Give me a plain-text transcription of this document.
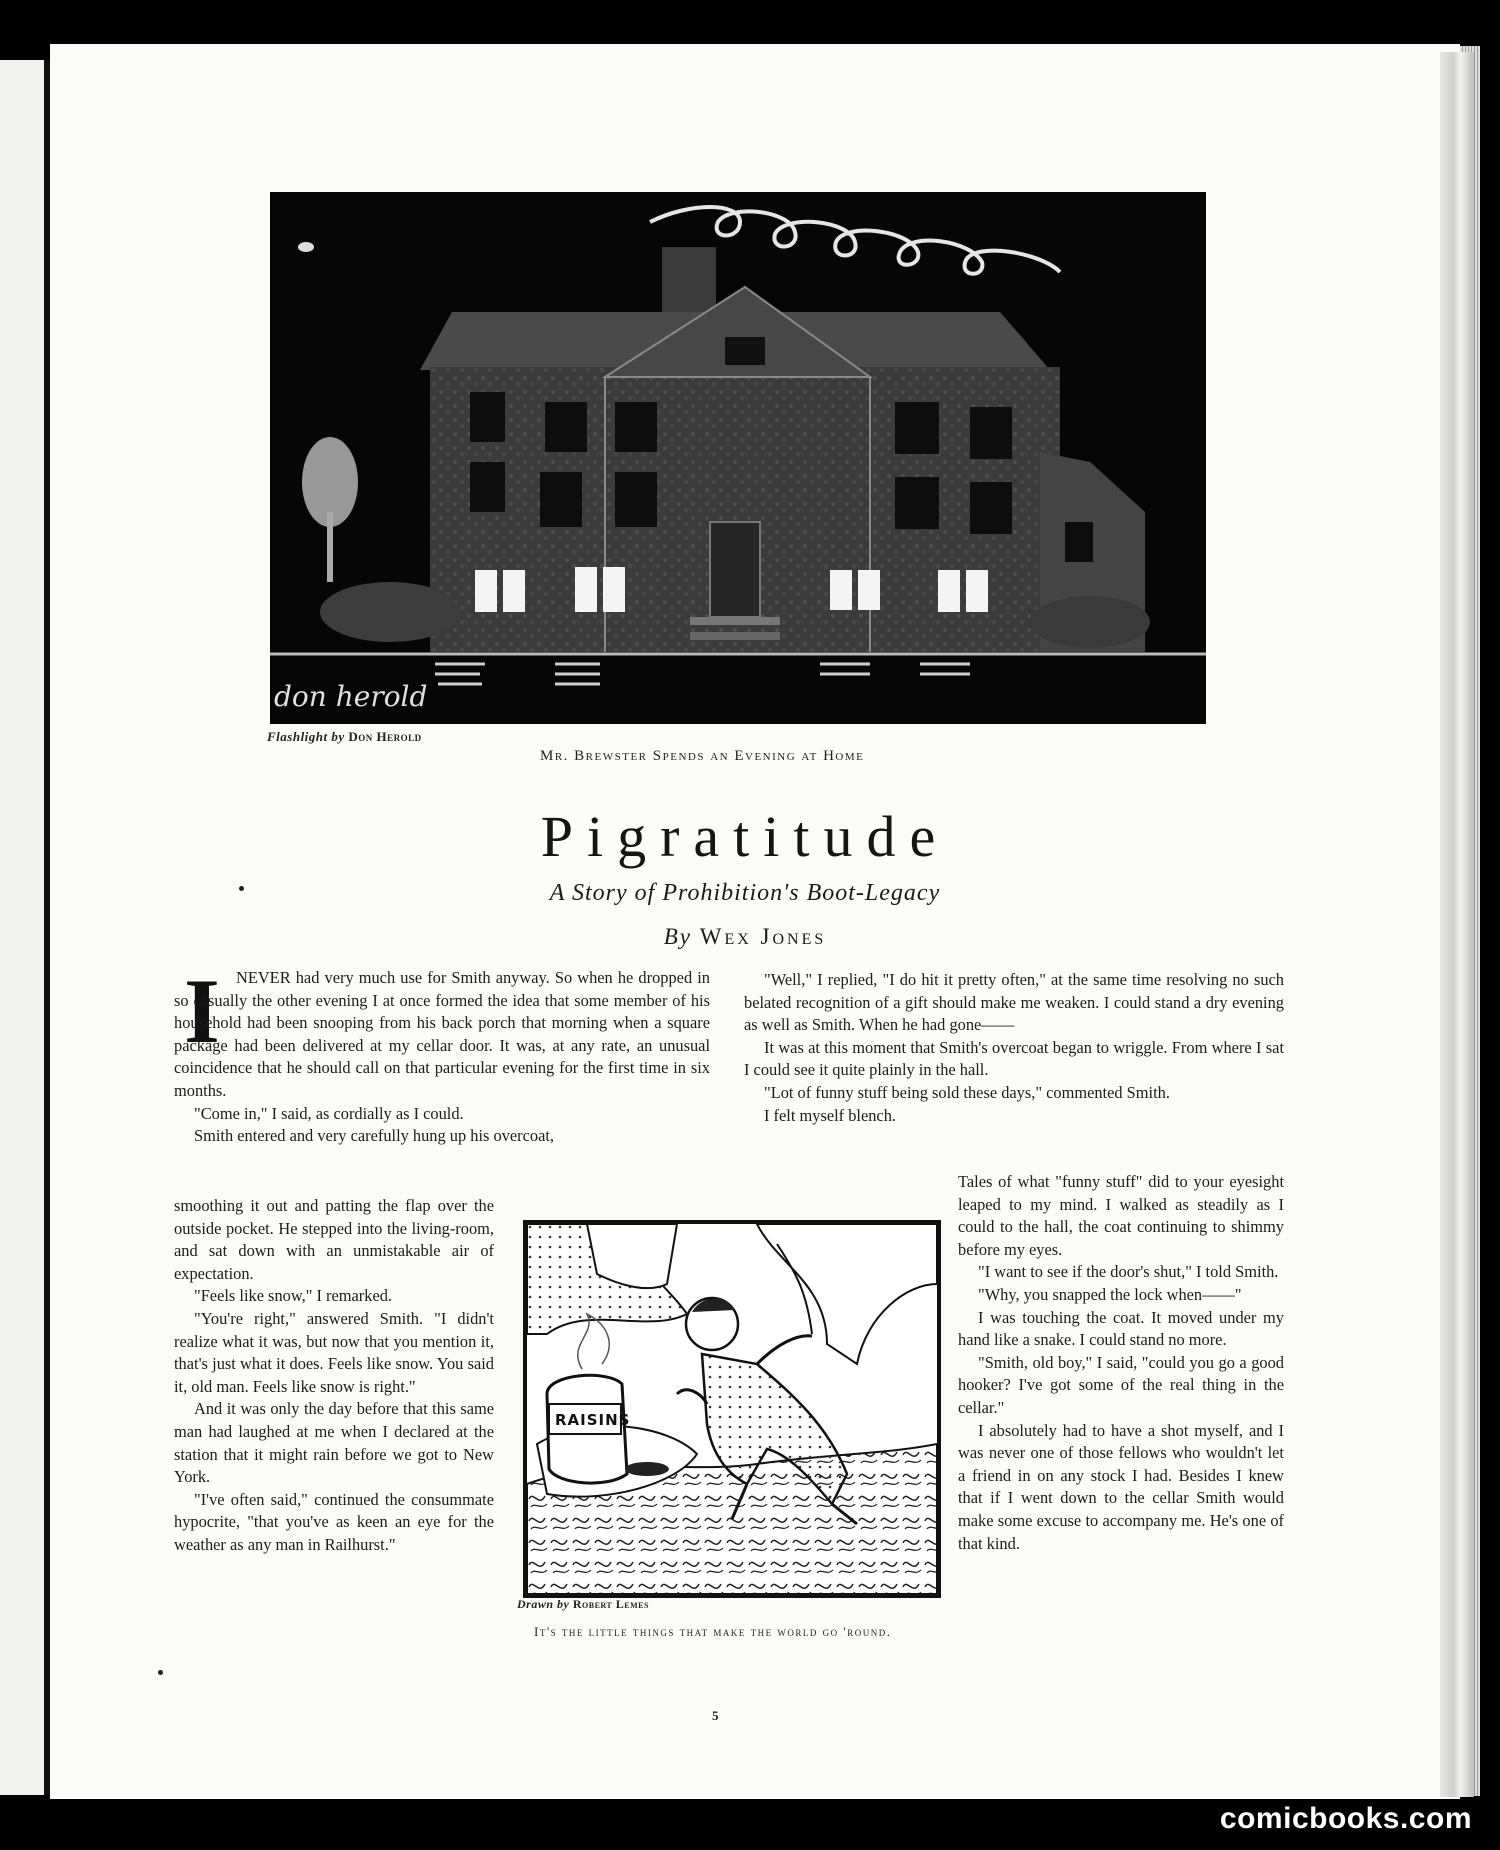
don herold
Flashlight by Don Herold
Mr. Brewster Spends an Evening at Home
Pigratitude
A Story of Prohibition's Boot-Legacy
By Wex Jones
I NEVER had very much use for Smith anyway. So when he dropped in so casually the other evening I at once formed the idea that some member of his household had been snooping from his back porch that morning when a square package had been delivered at my cellar door. It was, at any rate, an unusual coincidence that he should call on that particular evening for the first time in six months.

"Come in," I said, as cordially as I could.

Smith entered and very carefully hung up his overcoat,

smoothing it out and patting the flap over the outside pocket. He stepped into the living-room, and sat down with an unmistakable air of expectation.

"Feels like snow," I remarked.

"You're right," answered Smith. "I didn't realize what it was, but now that you mention it, that's just what it does. Feels like snow. You said it, old man. Feels like snow is right."

And it was only the day before that this same man had laughed at me when I declared at the station that it might rain before we got to New York.

"I've often said," continued the consummate hypocrite, "that you've as keen an eye for the weather as any man in Railhurst."

"Well," I replied, "I do hit it pretty often," at the same time resolving no such belated recognition of a gift should make me weaken. I could stand a dry evening as well as Smith. When he had gone——

It was at this moment that Smith's overcoat began to wriggle. From where I sat I could see it quite plainly in the hall.

"Lot of funny stuff being sold these days," commented Smith.

I felt myself blench.

Tales of what "funny stuff" did to your eyesight leaped to my mind. I walked as steadily as I could to the hall, the coat continuing to shimmy before my eyes.

"I want to see if the door's shut," I told Smith.

"Why, you snapped the lock when——"

I was touching the coat. It moved under my hand like a snake. I could stand no more.

"Smith, old boy," I said, "could you go a good hooker? I've got some of the real thing in the cellar."

I absolutely had to have a shot myself, and I was never one of those fellows who wouldn't let a friend in on any stock I had. Besides I knew that if I went down to the cellar Smith would make some excuse to accompany me. He's one of that kind.

RAISINS
Drawn by Robert Lemes
It's the little things that make the world go 'round.
5
comicbooks.com
